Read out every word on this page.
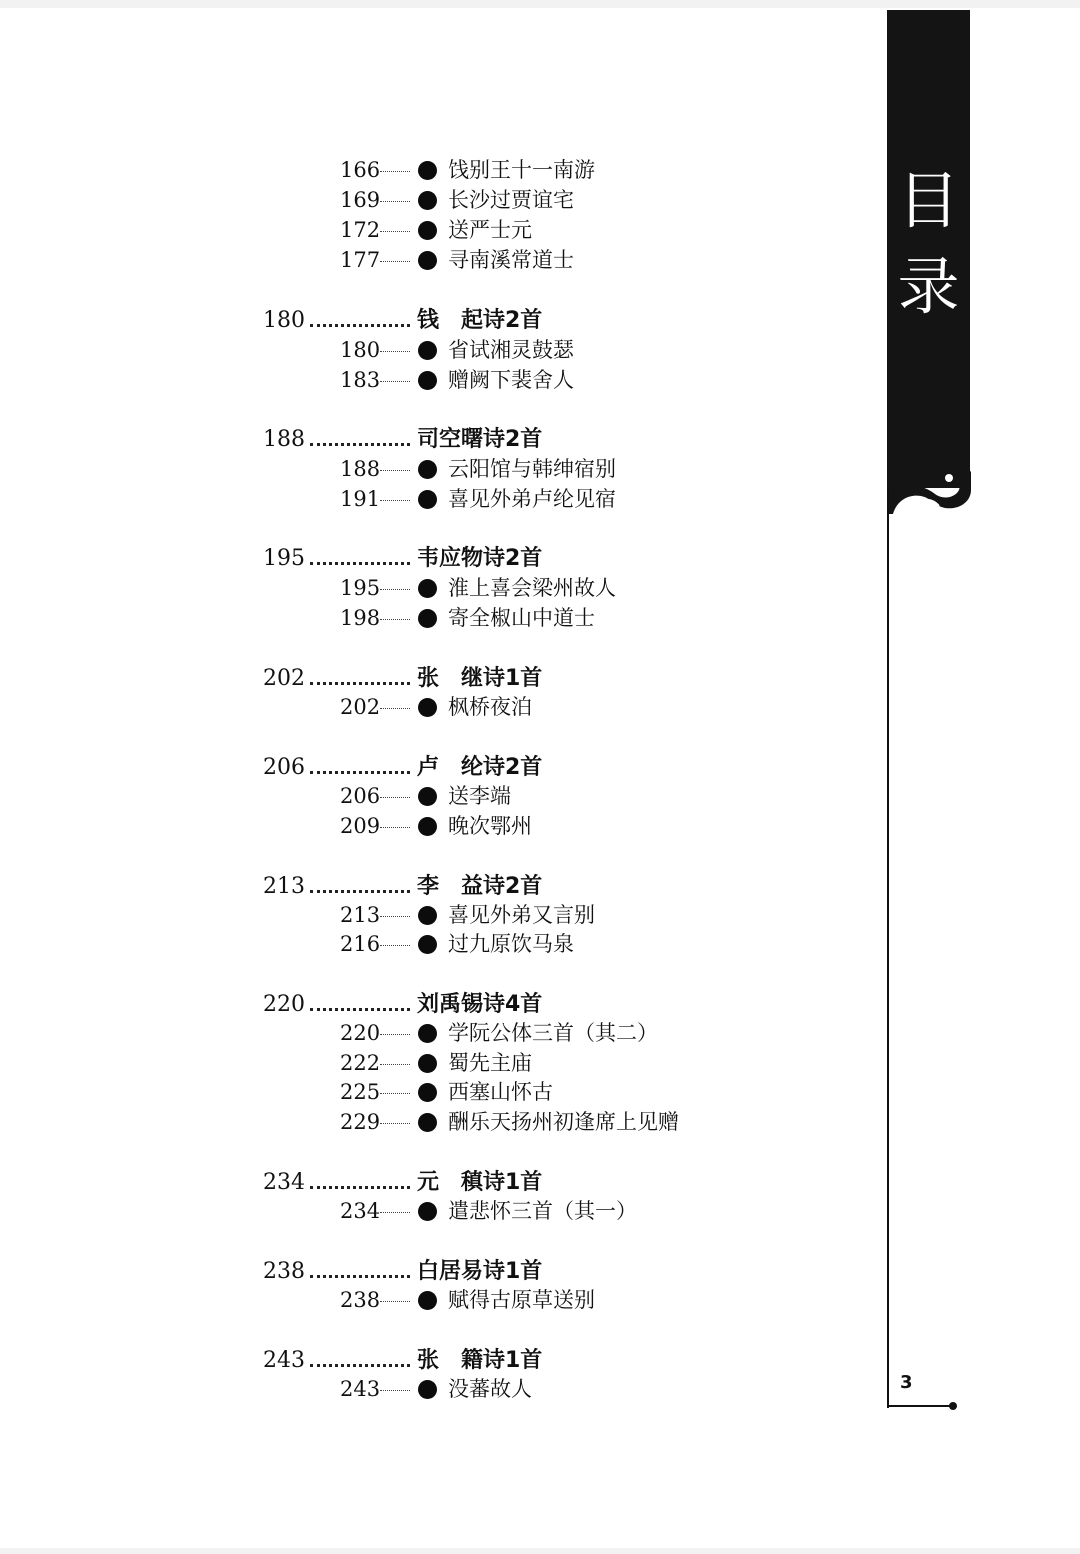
目
录
3
166	饯别王十一南游
169	长沙过贾谊宅
172	送严士元
177	寻南溪常道士
180	钱　起诗2首
180	省试湘灵鼓瑟
183	赠阙下裴舍人
188	司空曙诗2首
188	云阳馆与韩绅宿别
191	喜见外弟卢纶见宿
195	韦应物诗2首
195	淮上喜会梁州故人
198	寄全椒山中道士
202	张　继诗1首
202	枫桥夜泊
206	卢　纶诗2首
206	送李端
209	晚次鄂州
213	李　益诗2首
213	喜见外弟又言别
216	过九原饮马泉
220	刘禹锡诗4首
220	学阮公体三首（其二）
222	蜀先主庙
225	西塞山怀古
229	酬乐天扬州初逢席上见赠
234	元　稹诗1首
234	遣悲怀三首（其一）
238	白居易诗1首
238	赋得古原草送别
243	张　籍诗1首
243	没蕃故人
